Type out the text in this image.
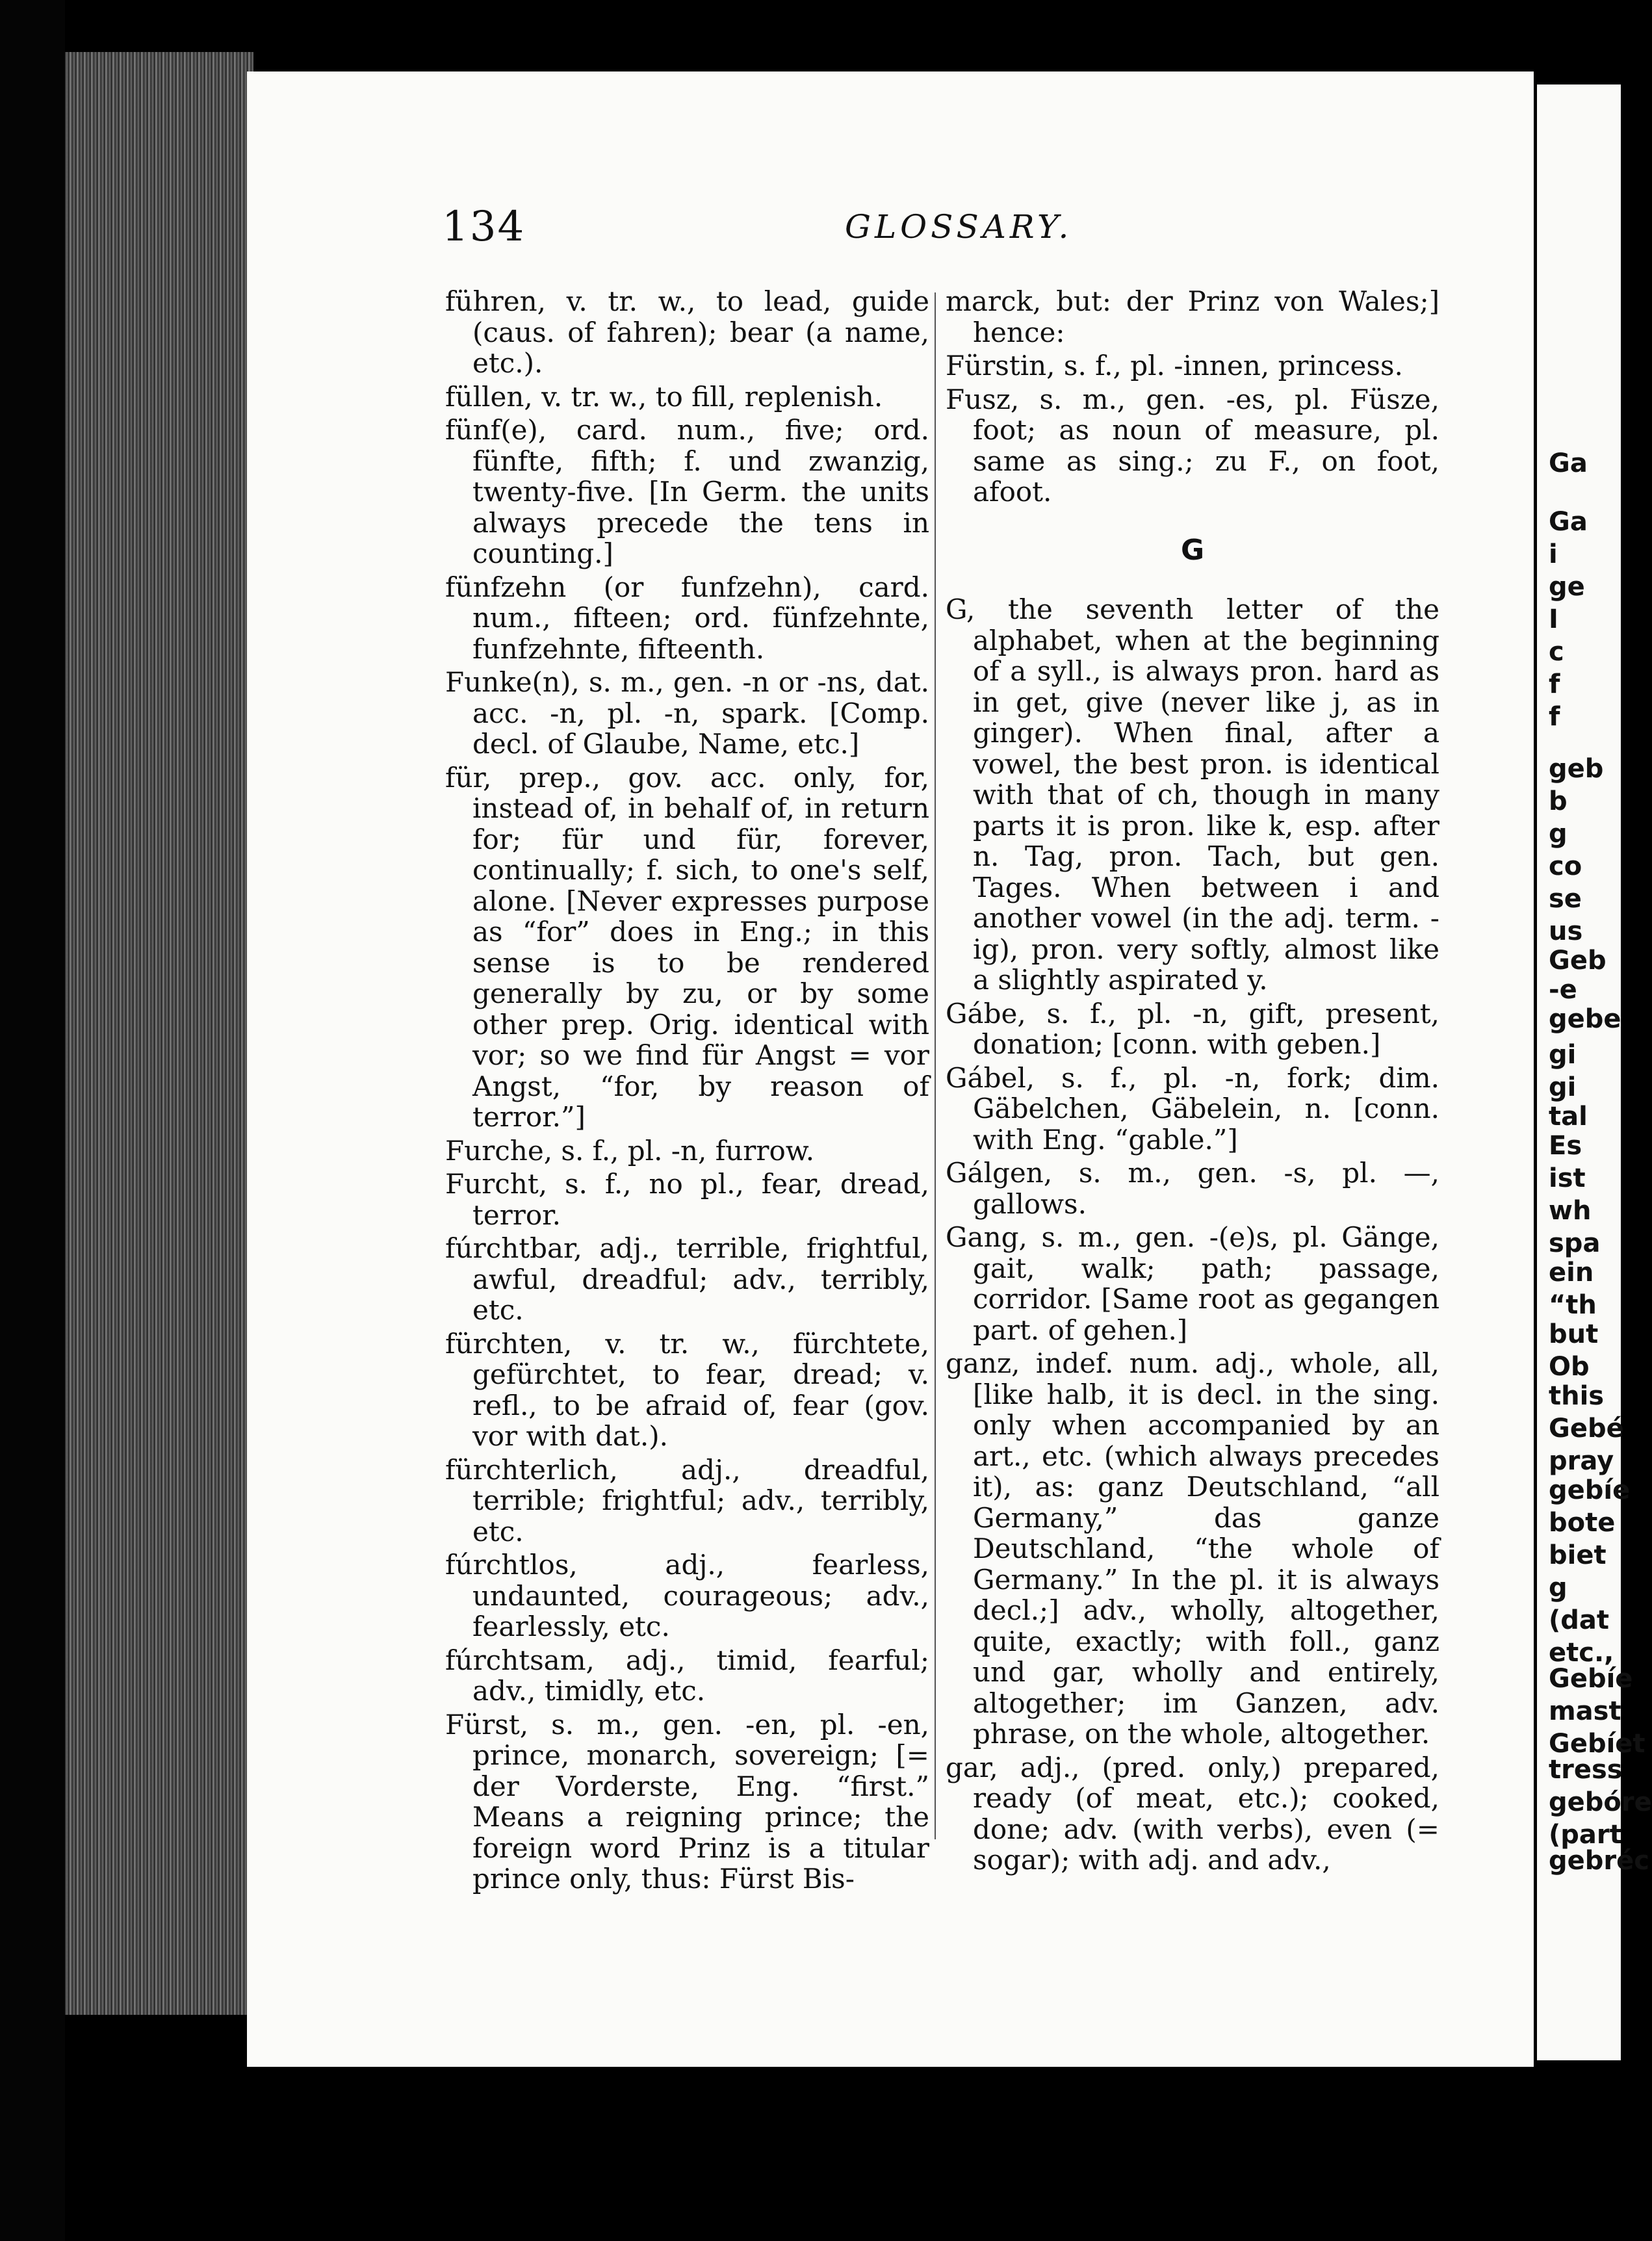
134	GLOSSARY.

führen, v. tr. w., to lead, guide (caus. of fahren); bear (a name, etc.).

füllen, v. tr. w., to fill, replenish.

fünf(e), card. num., five; ord. fünfte, fifth; f. und zwanzig, twenty-five. [In Germ. the units always precede the tens in counting.]

fünfzehn (or funfzehn), card. num., fifteen; ord. fünfzehnte, funfzehnte, fifteenth.

Funke(n), s. m., gen. -n or -ns, dat. acc. -n, pl. -n, spark. [Comp. decl. of Glaube, Name, etc.]

für, prep., gov. acc. only, for, instead of, in behalf of, in return for; für und für, forever, continually; f. sich, to one's self, alone. [Never expresses purpose as “for” does in Eng.; in this sense is to be rendered generally by zu, or by some other prep. Orig. identical with vor; so we find für Angst = vor Angst, “for, by reason of terror.”]

Furche, s. f., pl. -n, furrow.

Furcht, s. f., no pl., fear, dread, terror.

fúrchtbar, adj., terrible, frightful, awful, dreadful; adv., terribly, etc.

fürchten, v. tr. w., fürchtete, gefürchtet, to fear, dread; v. refl., to be afraid of, fear (gov. vor with dat.).

fürchterlich, adj., dreadful, terrible; frightful; adv., terribly, etc.

fúrchtlos, adj., fearless, undaunted, courageous; adv., fearlessly, etc.

fúrchtsam, adj., timid, fearful; adv., timidly, etc.

Fürst, s. m., gen. -en, pl. -en, prince, monarch, sovereign; [= der Vorderste, Eng. “first.” Means a reigning prince; the foreign word Prinz is a titular prince only, thus: Fürst Bis-

marck, but: der Prinz von Wales;] hence:

Fürstin, s. f., pl. -innen, princess.

Fusz, s. m., gen. -es, pl. Füsze, foot; as noun of measure, pl. same as sing.; zu F., on foot, afoot.

G

G, the seventh letter of the alphabet, when at the beginning of a syll., is always pron. hard as in get, give (never like j, as in ginger). When final, after a vowel, the best pron. is identical with that of ch, though in many parts it is pron. like k, esp. after n. Tag, pron. Tach, but gen. Tages. When between i and another vowel (in the adj. term. -ig), pron. very softly, almost like a slightly aspirated y.

Gábe, s. f., pl. -n, gift, present, donation; [conn. with geben.]

Gábel, s. f., pl. -n, fork; dim. Gäbelchen, Gäbelein, n. [conn. with Eng. “gable.”]

Gálgen, s. m., gen. -s, pl. —, gallows.

Gang, s. m., gen. -(e)s, pl. Gänge, gait, walk; path; passage, corridor. [Same root as gegangen part. of gehen.]

ganz, indef. num. adj., whole, all, [like halb, it is decl. in the sing. only when accompanied by an art., etc. (which always precedes it), as: ganz Deutschland, “all Germany,” das ganze Deutschland, “the whole of Germany.” In the pl. it is always decl.;] adv., wholly, altogether, quite, exactly; with foll., ganz und gar, wholly and entirely, altogether; im Ganzen, adv. phrase, on the whole, altogether.

gar, adj., (pred. only,) prepared, ready (of meat, etc.); cooked, done; adv. (with verbs), even (= sogar); with adj. and adv.,

Ga
Ga
i
ge
I
c
f
f
geb
b
g
co
se
us
Geb
-e
gebe
gi
gi
tal
Es
ist
wh
spa
ein
“th
but
Ob
this
Gebé
pray
gebíe
bote
biet
g
(dat
etc.,
Gebíe
mast
Gebíet
tress
gebóre
(part
gebréc
